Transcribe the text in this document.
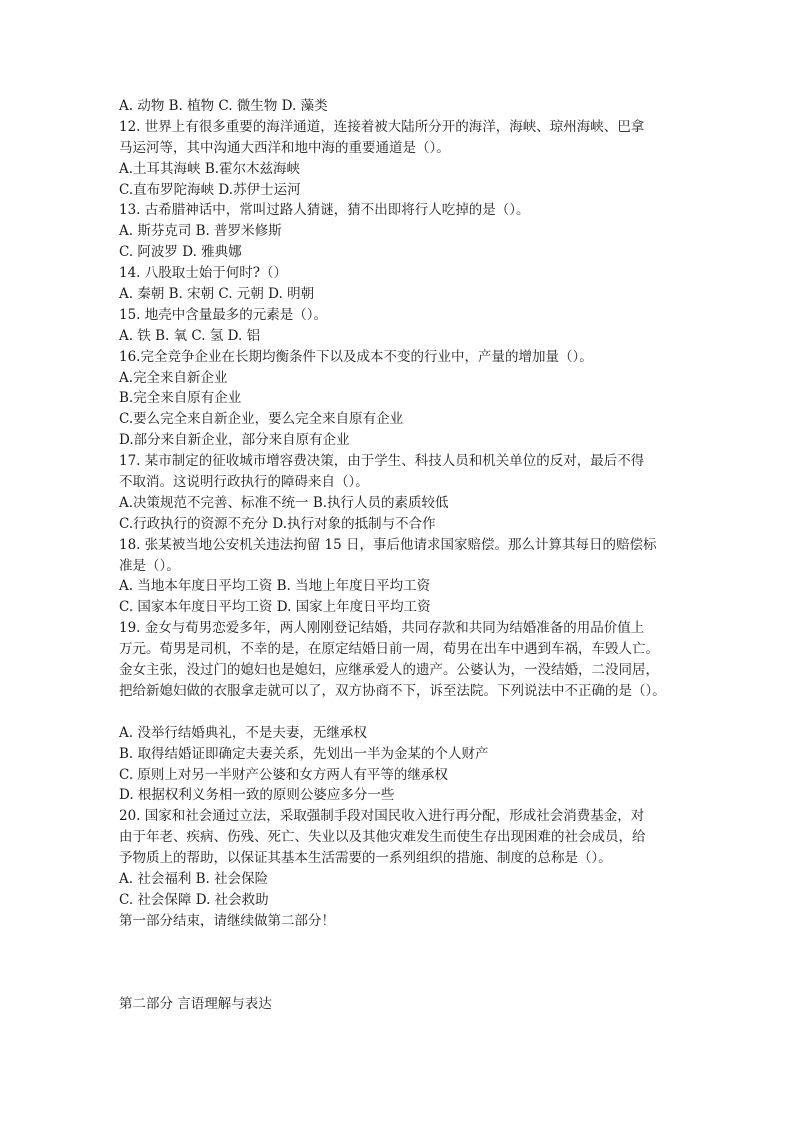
A. 动物 B. 植物 C. 微生物 D. 藻类
12. 世界上有很多重要的海洋通道，连接着被大陆所分开的海洋，海峡、琼州海峡、巴拿
马运河等，其中沟通大西洋和地中海的重要通道是（）。
A.土耳其海峡 B.霍尔木兹海峡
C.直布罗陀海峡 D.苏伊士运河
13. 古希腊神话中，常叫过路人猜谜，猜不出即将行人吃掉的是（）。
A. 斯芬克司 B. 普罗米修斯
C. 阿波罗 D. 雅典娜
14. 八股取士始于何时?（）
A. 秦朝 B. 宋朝 C. 元朝 D. 明朝
15. 地壳中含量最多的元素是（）。
A. 铁 B. 氧 C. 氢 D. 铝
16.完全竞争企业在长期均衡条件下以及成本不变的行业中，产量的增加量（）。
A.完全来自新企业
B.完全来自原有企业
C.要么完全来自新企业，要么完全来自原有企业
D.部分来自新企业，部分来自原有企业
17. 某市制定的征收城市增容费决策，由于学生、科技人员和机关单位的反对，最后不得
不取消。这说明行政执行的障碍来自（）。
A.决策规范不完善、标准不统一 B.执行人员的素质较低
C.行政执行的资源不充分 D.执行对象的抵制与不合作
18. 张某被当地公安机关违法拘留 15 日，事后他请求国家赔偿。那么计算其每日的赔偿标
准是（）。
A. 当地本年度日平均工资 B. 当地上年度日平均工资
C. 国家本年度日平均工资 D. 国家上年度日平均工资
19. 金女与荀男恋爱多年，两人刚刚登记结婚，共同存款和共同为结婚准备的用品价值上
万元。荀男是司机，不幸的是，在原定结婚日前一周，荀男在出车中遇到车祸，车毁人亡。
金女主张，没过门的媳妇也是媳妇，应继承爱人的遗产。公婆认为，一没结婚，二没同居，
把给新媳妇做的衣服拿走就可以了，双方协商不下，诉至法院。下列说法中不正确的是（）。
A. 没举行结婚典礼，不是夫妻，无继承权
B. 取得结婚证即确定夫妻关系，先划出一半为金某的个人财产
C. 原则上对另一半财产公婆和女方两人有平等的继承权
D. 根据权利义务相一致的原则公婆应多分一些
20. 国家和社会通过立法，采取强制手段对国民收入进行再分配，形成社会消费基金，对
由于年老、疾病、伤残、死亡、失业以及其他灾难发生而使生存出现困难的社会成员，给
予物质上的帮助，以保证其基本生活需要的一系列组织的措施、制度的总称是（）。
A. 社会福利 B. 社会保险
C. 社会保障 D. 社会救助
第一部分结束，请继续做第二部分！
第二部分 言语理解与表达
